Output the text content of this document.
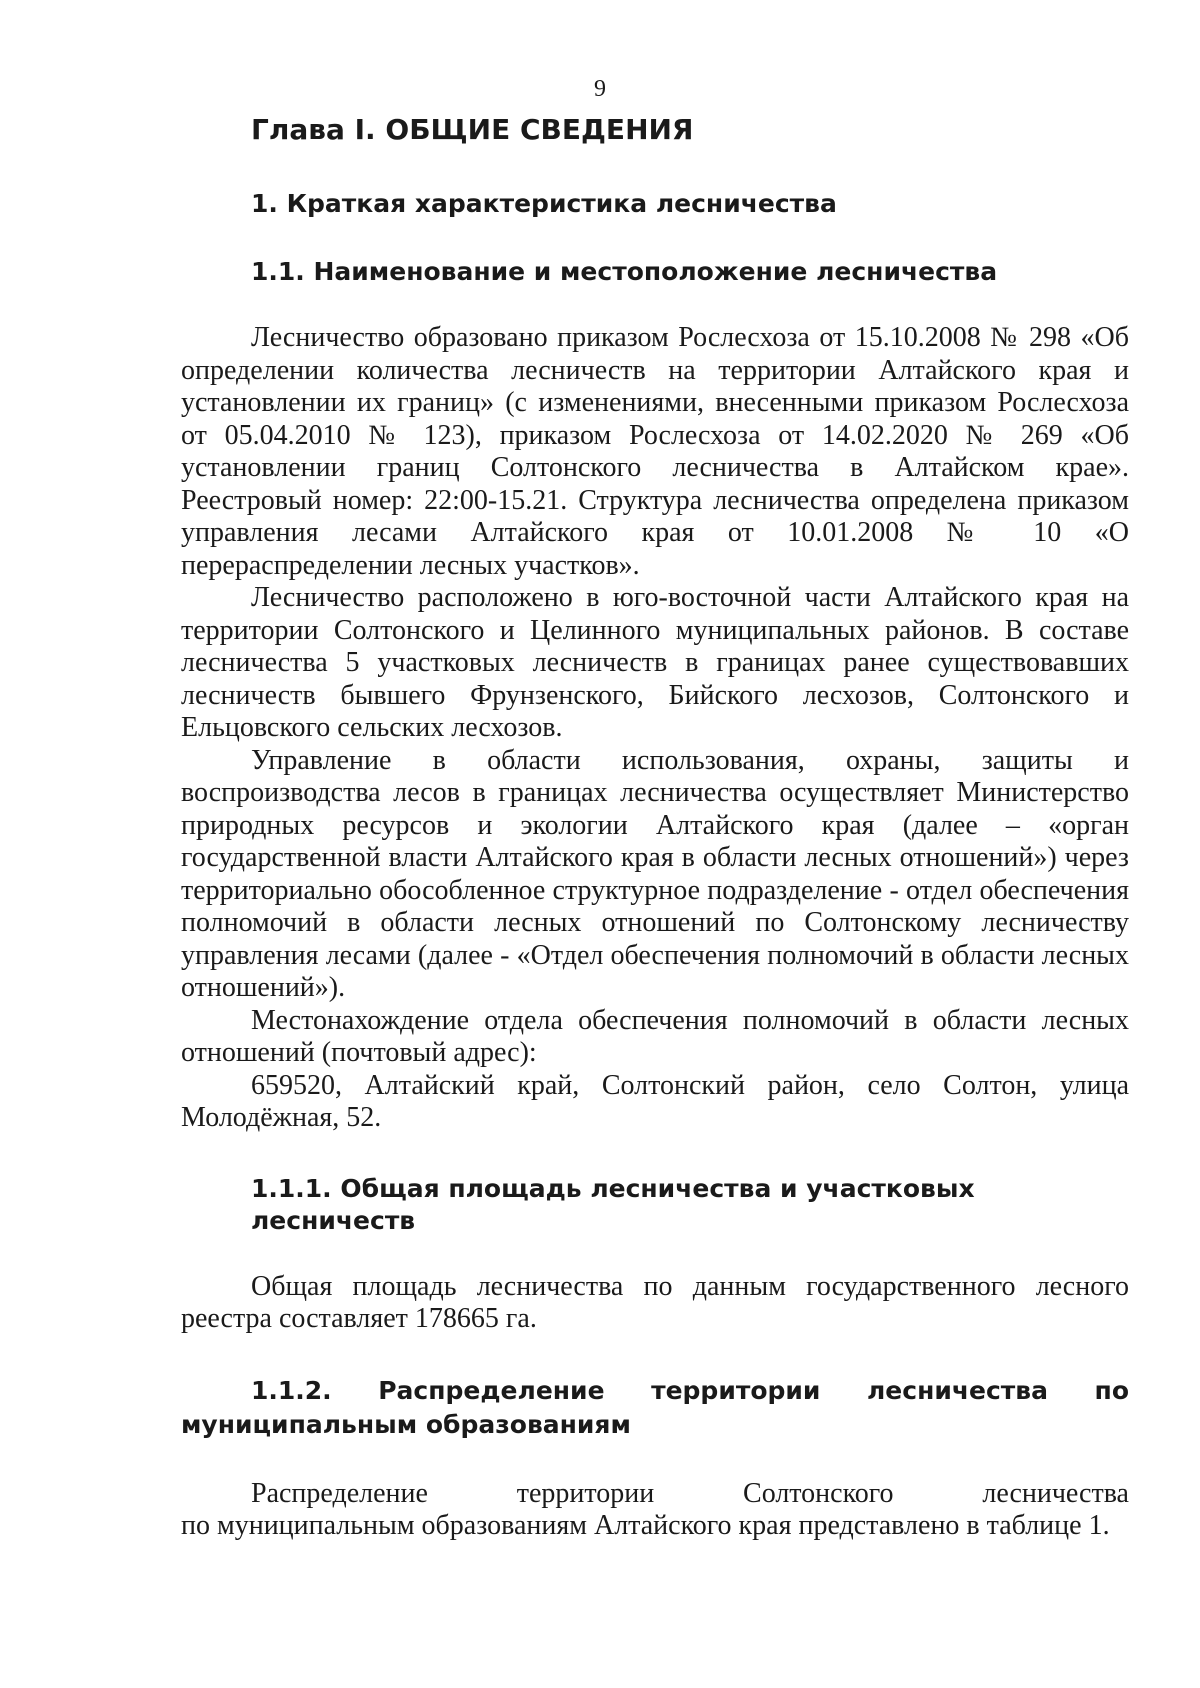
9
Глава I. ОБЩИЕ СВЕДЕНИЯ
1. Краткая характеристика лесничества
1.1. Наименование и местоположение лесничества

Лесничество образовано приказом Рослесхоза от 15.10.2008 № 298 «Об определении количества лесничеств на территории Алтайского края и установлении их границ» (с изменениями, внесенными приказом Рослесхоза от 05.04.2010 № 123), приказом Рослесхоза от 14.02.2020 № 269 «Об установлении границ Солтонского лесничества в Алтайском крае». Реестровый номер: 22:00-15.21. Структура лесничества определена приказом управления лесами Алтайского края от 10.01.2008 № 10 «О перераспределении лесных участков».

Лесничество расположено в юго-восточной части Алтайского края на территории Солтонского и Целинного муниципальных районов. В составе лесничества 5 участковых лесничеств в границах ранее существовавших лесничеств бывшего Фрунзенского, Бийского лесхозов, Солтонского и Ельцовского сельских лесхозов.

Управление в области использования, охраны, защиты и воспроизводства лесов в границах лесничества осуществляет Министерство природных ресурсов и экологии Алтайского края (далее – «орган государственной власти Алтайского края в области лесных отношений») через территориально обособленное структурное подразделение - отдел обеспечения полномочий в области лесных отношений по Солтонскому лесничеству управления лесами (далее - «Отдел обеспечения полномочий в области лесных отношений»).

Местонахождение отдела обеспечения полномочий в области лесных отношений (почтовый адрес):

659520, Алтайский край, Солтонский район, село Солтон, улица Молодёжная, 52.

1.1.1. Общая площадь лесничества и участковых лесничеств

Общая площадь лесничества по данным государственного лесного реестра составляет 178665 га.

1.1.2. Распределение территории лесничества по муниципальным образованиям

Распределение территории Солтонского лесничества

по муниципальным образованиям Алтайского края представлено в таблице 1.
